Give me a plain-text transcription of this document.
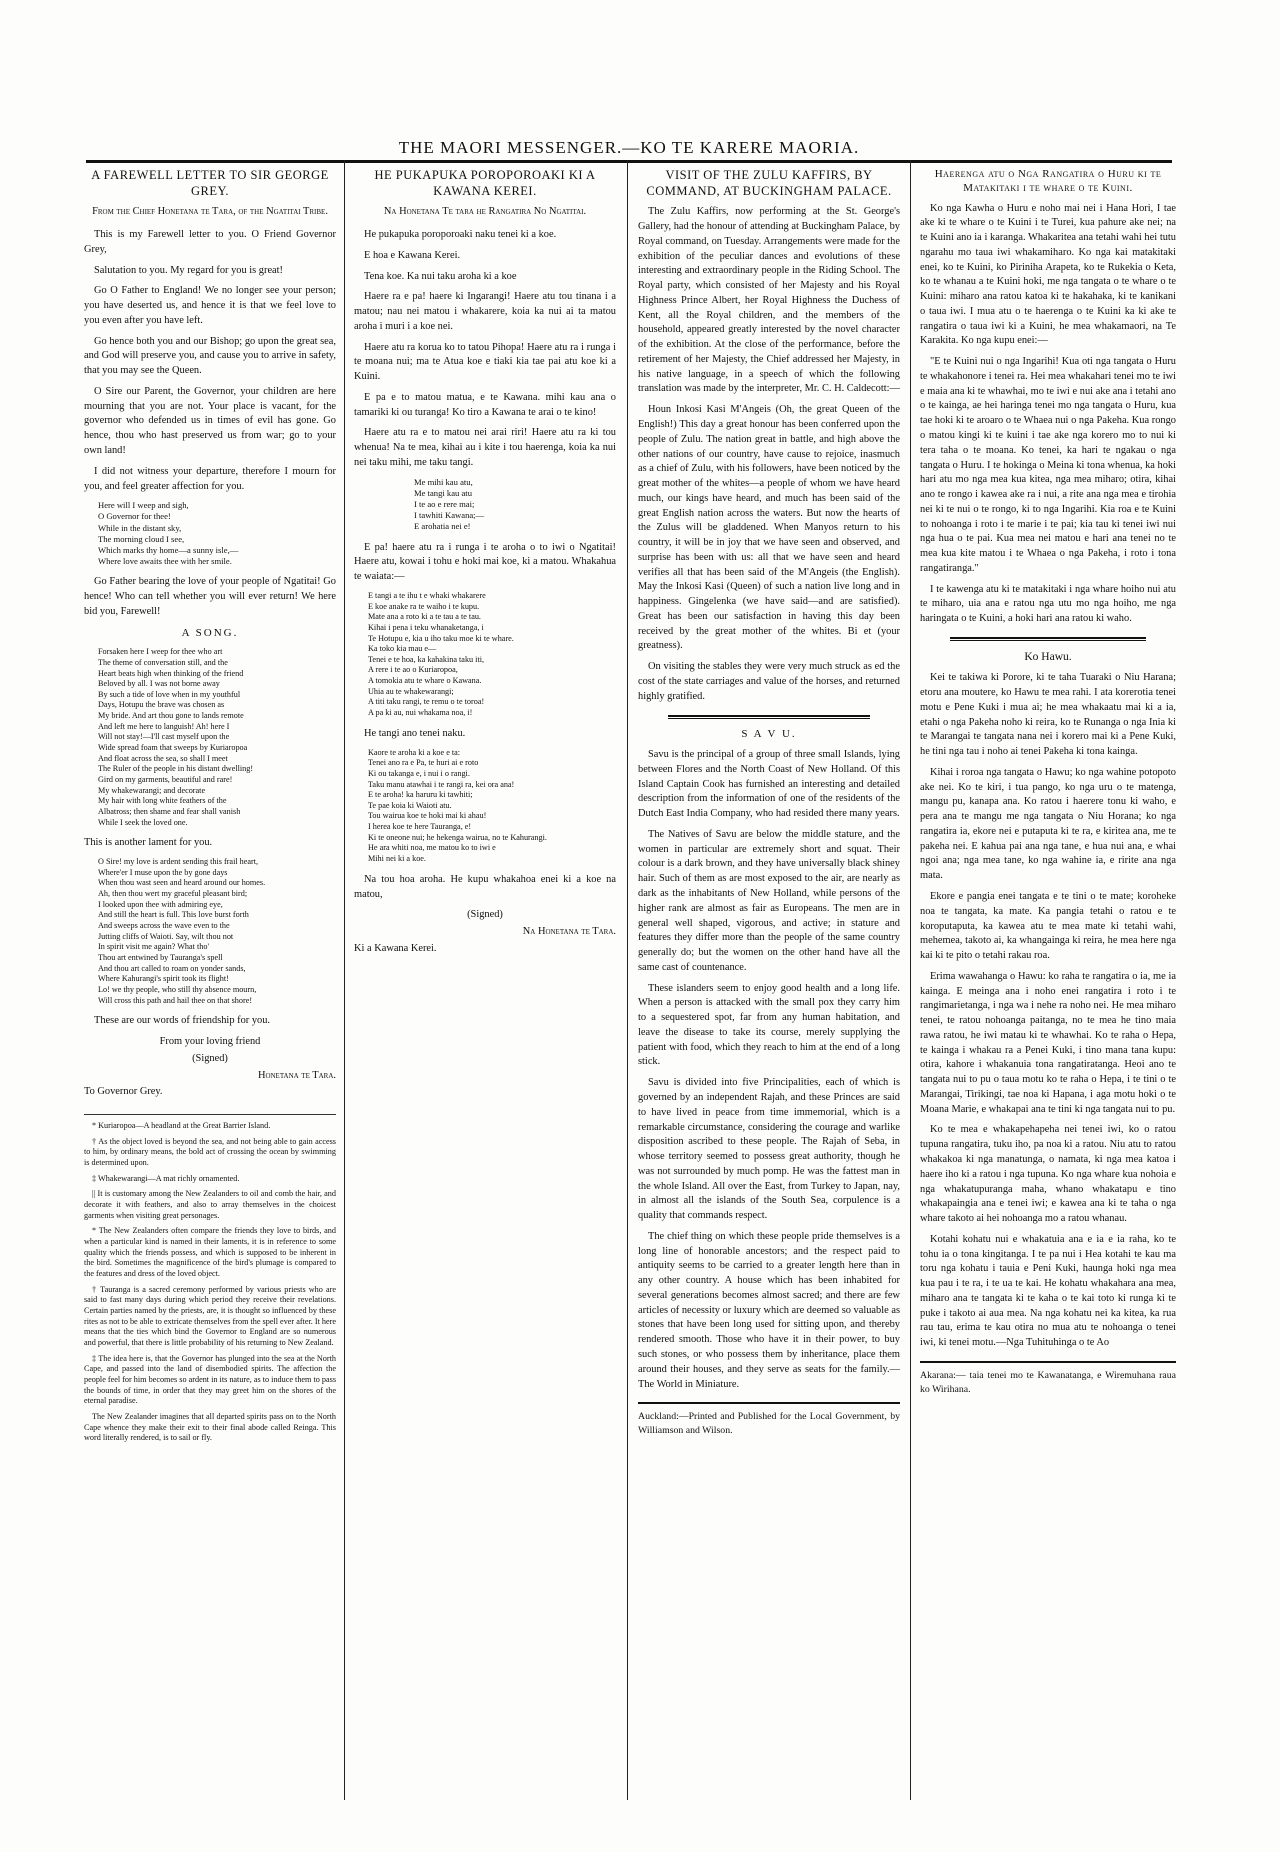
THE MAORI MESSENGER.—KO TE KARERE MAORIA.
A FAREWELL LETTER TO SIR GEORGE GREY.
From the Chief Honetana te Tara, of the Ngatitai Tribe.

This is my Farewell letter to you. O Friend Governor Grey,

Salutation to you. My regard for you is great!

Go O Father to England! We no longer see your person; you have deserted us, and hence it is that we feel love to you even after you have left.

Go hence both you and our Bishop; go upon the great sea, and God will preserve you, and cause you to arrive in safety, that you may see the Queen.

O Sire our Parent, the Governor, your children are here mourning that you are not. Your place is vacant, for the governor who defended us in times of evil has gone. Go hence, thou who hast preserved us from war; go to your own land!

I did not witness your departure, therefore I mourn for you, and feel greater affection for you.

Here will I weep and sigh,
O Governor for thee!
While in the distant sky,
The morning cloud I see,
Which marks thy home—a sunny isle,—
Where love awaits thee with her smile.

Go Father bearing the love of your people of Ngatitai! Go hence! Who can tell whether you will ever return! We here bid you, Farewell!

A SONG.
Forsaken here I weep for thee who art
The theme of conversation still, and the
Heart beats high when thinking of the friend
Beloved by all. I was not borne away
By such a tide of love when in my youthful
Days, Hotupu the brave was chosen as
My bride. And art thou gone to lands remote
And left me here to languish! Ah! here I
Will not stay!—I'll cast myself upon the
Wide spread foam that sweeps by Kuriaropoa
And float across the sea, so shall I meet
The Ruler of the people in his distant dwelling!
Gird on my garments, beautiful and rare!
My whakewarangi; and decorate
My hair with long white feathers of the
Albatross; then shame and fear shall vanish
While I seek the loved one.

This is another lament for you.

O Sire! my love is ardent sending this frail heart,
Where'er I muse upon the by gone days
When thou wast seen and heard around our homes.
Ah, then thou wert my graceful pleasant bird;
I looked upon thee with admiring eye,
And still the heart is full. This love burst forth
And sweeps across the wave even to the
Jutting cliffs of Waioti. Say, wilt thou not
In spirit visit me again? What tho'
Thou art entwined by Tauranga's spell
And thou art called to roam on yonder sands,
Where Kahurangi's spirit took its flight!
Lo! we thy people, who still thy absence mourn,
Will cross this path and hail thee on that shore!

These are our words of friendship for you.

From your loving friend

(Signed)

Honetana te Tara.

To Governor Grey.

* Kuriaropoa—A headland at the Great Barrier Island.

† As the object loved is beyond the sea, and not being able to gain access to him, by ordinary means, the bold act of crossing the ocean by swimming is determined upon.

‡ Whakewarangi—A mat richly ornamented.

|| It is customary among the New Zealanders to oil and comb the hair, and decorate it with feathers, and also to array themselves in the choicest garments when visiting great personages.

* The New Zealanders often compare the friends they love to birds, and when a particular kind is named in their laments, it is in reference to some quality which the friends possess, and which is supposed to be inherent in the bird. Sometimes the magnificence of the bird's plumage is compared to the features and dress of the loved object.

† Tauranga is a sacred ceremony performed by various priests who are said to fast many days during which period they receive their revelations. Certain parties named by the priests, are, it is thought so influenced by these rites as not to be able to extricate themselves from the spell ever after. It here means that the ties which bind the Governor to England are so numerous and powerful, that there is little probability of his returning to New Zealand.

‡ The idea here is, that the Governor has plunged into the sea at the North Cape, and passed into the land of disembodied spirits. The affection the people feel for him becomes so ardent in its nature, as to induce them to pass the bounds of time, in order that they may greet him on the shores of the eternal paradise.

The New Zealander imagines that all departed spirits pass on to the North Cape whence they make their exit to their final abode called Reinga. This word literally rendered, is to sail or fly.

HE PUKAPUKA POROPOROAKI KI A KAWANA KEREI.
Na Honetana Te tara he Rangatira No Ngatitai.

He pukapuka poroporoaki naku tenei ki a koe.

E hoa e Kawana Kerei.

Tena koe. Ka nui taku aroha ki a koe

Haere ra e pa! haere ki Ingarangi! Haere atu tou tinana i a matou; nau nei matou i whakarere, koia ka nui ai ta matou aroha i muri i a koe nei.

Haere atu ra korua ko to tatou Pihopa! Haere atu ra i runga i te moana nui; ma te Atua koe e tiaki kia tae pai atu koe ki a Kuini.

E pa e to matou matua, e te Kawana. mihi kau ana o tamariki ki ou turanga! Ko tiro a Kawana te arai o te kino!

Haere atu ra e to matou nei arai riri! Haere atu ra ki tou whenua! Na te mea, kihai au i kite i tou haerenga, koia ka nui nei taku mihi, me taku tangi.

Me mihi kau atu,
Me tangi kau atu
I te ao e rere mai;
I tawhiti Kawana;—
E arohatia nei e!

E pa! haere atu ra i runga i te aroha o to iwi o Ngatitai! Haere atu, kowai i tohu e hoki mai koe, ki a matou. Whakahua te waiata:—

E tangi a te ihu t e whaki whakarere
E koe anake ra te waiho i te kupu.
Mate ana a roto ki a te tau a te tau.
Kihai i pena i teku whanaketanga, i
Te Hotupu e, kia u iho taku moe ki te whare.
Ka toko kia mau e—
Tenei e te hoa, ka kahakina taku iti,
A rere i te ao o Kuriaropoa,
A tomokia atu te whare o Kawana.
Uhia au te whakewarangi;
A titi taku rangi, te remu o te toroa!
A pa ki au, nui whakama noa, i!

He tangi ano tenei naku.

Kaore te aroha ki a koe e ta:
Tenei ano ra e Pa, te huri ai e roto
Ki ou takanga e, i nui i o rangi.
Taku manu atawhai i te rangi ra, kei ora ana!
E te aroha! ka haruru ki tawhiti;
Te pae koia ki Waioti atu.
Tou wairua koe te hoki mai ki ahau!
I herea koe te here Tauranga, e!
Ki te oneone nui; he hekenga wairua, no te Kahurangi.
He ara whiti noa, me matou ko to iwi e
Mihi nei ki a koe.

Na tou hoa aroha. He kupu whakahoa enei ki a koe na matou,

(Signed)

Na Honetana te Tara.

Ki a Kawana Kerei.

VISIT OF THE ZULU KAFFIRS, BY COMMAND, AT BUCKINGHAM PALACE.

The Zulu Kaffirs, now performing at the St. George's Gallery, had the honour of attending at Buckingham Palace, by Royal command, on Tuesday. Arrangements were made for the exhibition of the peculiar dances and evolutions of these interesting and extraordinary people in the Riding School. The Royal party, which consisted of her Majesty and his Royal Highness Prince Albert, her Royal Highness the Duchess of Kent, all the Royal children, and the members of the household, appeared greatly interested by the novel character of the exhibition. At the close of the performance, before the retirement of her Majesty, the Chief addressed her Majesty, in his native language, in a speech of which the following translation was made by the interpreter, Mr. C. H. Caldecott:—

Houn Inkosi Kasi M'Angeis (Oh, the great Queen of the English!) This day a great honour has been conferred upon the people of Zulu. The nation great in battle, and high above the other nations of our country, have cause to rejoice, inasmuch as a chief of Zulu, with his followers, have been noticed by the great mother of the whites—a people of whom we have heard much, our kings have heard, and much has been said of the great English nation across the waters. But now the hearts of the Zulus will be gladdened. When Manyos return to his country, it will be in joy that we have seen and observed, and surprise has been with us: all that we have seen and heard verifies all that has been said of the M'Angeis (the English). May the Inkosi Kasi (Queen) of such a nation live long and in happiness. Gingelenka (we have said—and are satisfied). Great has been our satisfaction in having this day been received by the great mother of the whites. Bi et (your greatness).

On visiting the stables they were very much struck as ed the cost of the state carriages and value of the horses, and returned highly gratified.

S A V U.

Savu is the principal of a group of three small Islands, lying between Flores and the North Coast of New Holland. Of this Island Captain Cook has furnished an interesting and detailed description from the information of one of the residents of the Dutch East India Company, who had resided there many years.

The Natives of Savu are below the middle stature, and the women in particular are extremely short and squat. Their colour is a dark brown, and they have universally black shiney hair. Such of them as are most exposed to the air, are nearly as dark as the inhabitants of New Holland, while persons of the higher rank are almost as fair as Europeans. The men are in general well shaped, vigorous, and active; in stature and features they differ more than the people of the same country generally do; but the women on the other hand have all the same cast of countenance.

These islanders seem to enjoy good health and a long life. When a person is attacked with the small pox they carry him to a sequestered spot, far from any human habitation, and leave the disease to take its course, merely supplying the patient with food, which they reach to him at the end of a long stick.

Savu is divided into five Principalities, each of which is governed by an independent Rajah, and these Princes are said to have lived in peace from time immemorial, which is a remarkable circumstance, considering the courage and warlike disposition ascribed to these people. The Rajah of Seba, in whose territory seemed to possess great authority, though he was not surrounded by much pomp. He was the fattest man in the whole Island. All over the East, from Turkey to Japan, nay, in almost all the islands of the South Sea, corpulence is a quality that commands respect.

The chief thing on which these people pride themselves is a long line of honorable ancestors; and the respect paid to antiquity seems to be carried to a greater length here than in any other country. A house which has been inhabited for several generations becomes almost sacred; and there are few articles of necessity or luxury which are deemed so valuable as stones that have been long used for sitting upon, and thereby rendered smooth. Those who have it in their power, to buy such stones, or who possess them by inheritance, place them around their houses, and they serve as seats for the family.—The World in Miniature.

Auckland:—Printed and Published for the Local Government, by Williamson and Wilson.

Haerenga atu o Nga Rangatira o Huru ki te Matakitaki i te whare o te Kuini.

Ko nga Kawha o Huru e noho mai nei i Hana Hori, I tae ake ki te whare o te Kuini i te Turei, kua pahure ake nei; na te Kuini ano ia i karanga. Whakaritea ana tetahi wahi hei tutu ngarahu mo taua iwi whakamiharo. Ko nga kai matakitaki enei, ko te Kuini, ko Piriniha Arapeta, ko te Rukekia o Keta, ko te whanau a te Kuini hoki, me nga tangata o te whare o te Kuini: miharo ana ratou katoa ki te hakahaka, ki te kanikani o taua iwi. I mua atu o te haerenga o te Kuini ka ki ake te rangatira o taua iwi ki a Kuini, he mea whakamaori, na Te Karakita. Ko nga kupu enei:—

"E te Kuini nui o nga Ingarihi! Kua oti nga tangata o Huru te whakahonore i tenei ra. Hei mea whakahari tenei mo te iwi e maia ana ki te whawhai, mo te iwi e nui ake ana i tetahi ano o te kainga, ae hei haringa tenei mo nga tangata o Huru, kua tae hoki ki te aroaro o te Whaea nui o nga Pakeha. Kua rongo o matou kingi ki te kuini i tae ake nga korero mo to nui ki tera taha o te moana. Ko tenei, ka hari te ngakau o nga tangata o Huru. I te hokinga o Meina ki tona whenua, ka hoki hari atu mo nga mea kua kitea, nga mea miharo; otira, kihai ano te rongo i kawea ake ra i nui, a rite ana nga mea e tirohia nei ki te nui o te rongo, ki to nga Ingarihi. Kia roa e te Kuini to nohoanga i roto i te marie i te pai; kia tau ki tenei iwi nui nga hua o te pai. Kua mea nei matou e hari ana tenei no te mea kua kite matou i te Whaea o nga Pakeha, i roto i tona rangatiranga."

I te kawenga atu ki te matakitaki i nga whare hoiho nui atu te miharo, uia ana e ratou nga utu mo nga hoiho, me nga haringata o te Kuini, a hoki hari ana ratou ki waho.

Ko Hawu.

Kei te takiwa ki Porore, ki te taha Tuaraki o Niu Harana; etoru ana moutere, ko Hawu te mea rahi. I ata korerotia tenei motu e Pene Kuki i mua ai; he mea whakaatu mai ki a ia, etahi o nga Pakeha noho ki reira, ko te Runanga o nga Inia ki te Marangai te tangata nana nei i korero mai ki a Pene Kuki, he tini nga tau i noho ai tenei Pakeha ki tona kainga.

Kihai i roroa nga tangata o Hawu; ko nga wahine potopoto ake nei. Ko te kiri, i tua pango, ko nga uru o te matenga, mangu pu, kanapa ana. Ko ratou i haerere tonu ki waho, e pera ana te mangu me nga tangata o Niu Horana; ko nga rangatira ia, ekore nei e putaputa ki te ra, e kiritea ana, me te pakeha nei. E kahua pai ana nga tane, e hua nui ana, e whai ngoi ana; nga mea tane, ko nga wahine ia, e ririte ana nga mata.

Ekore e pangia enei tangata e te tini o te mate; koroheke noa te tangata, ka mate. Ka pangia tetahi o ratou e te koroputaputa, ka kawea atu te mea mate ki tetahi wahi, mehemea, takoto ai, ka whangainga ki reira, he mea here nga kai ki te pito o tetahi rakau roa.

Erima wawahanga o Hawu: ko raha te rangatira o ia, me ia kainga. E meinga ana i noho enei rangatira i roto i te rangimarietanga, i nga wa i nehe ra noho nei. He mea miharo tenei, te ratou nohoanga paitanga, no te mea he tino maia rawa ratou, he iwi matau ki te whawhai. Ko te raha o Hepa, te kainga i whakau ra a Penei Kuki, i tino mana tana kupu: otira, kahore i whakanuia tona rangatiratanga. Heoi ano te tangata nui to pu o taua motu ko te raha o Hepa, i te tini o te Marangai, Tirikingi, tae noa ki Hapana, i aga motu hoki o te Moana Marie, e whakapai ana te tini ki nga tangata nui to pu.

Ko te mea e whakapehapeha nei tenei iwi, ko o ratou tupuna rangatira, tuku iho, pa noa ki a ratou. Niu atu to ratou whakakoa ki nga manatunga, o namata, ki nga mea katoa i haere iho ki a ratou i nga tupuna. Ko nga whare kua nohoia e nga whakatupuranga maha, whano whakatapu e tino whakapaingia ana e tenei iwi; e kawea ana ki te taha o nga whare takoto ai hei nohoanga mo a ratou whanau.

Kotahi kohatu nui e whakatuia ana e ia e ia raha, ko te tohu ia o tona kingitanga. I te pa nui i Hea kotahi te kau ma toru nga kohatu i tauia e Peni Kuki, haunga hoki nga mea kua pau i te ra, i te ua te kai. He kohatu whakahara ana mea, miharo ana te tangata ki te kaha o te kai toto ki runga ki te puke i takoto ai aua mea. Na nga kohatu nei ka kitea, ka rua rau tau, erima te kau otira no mua atu te nohoanga o tenei iwi, ki tenei motu.—Nga Tuhituhinga o te Ao

Akarana:— taia tenei mo te Kawanatanga, e Wiremuhana raua ko Wirihana.
